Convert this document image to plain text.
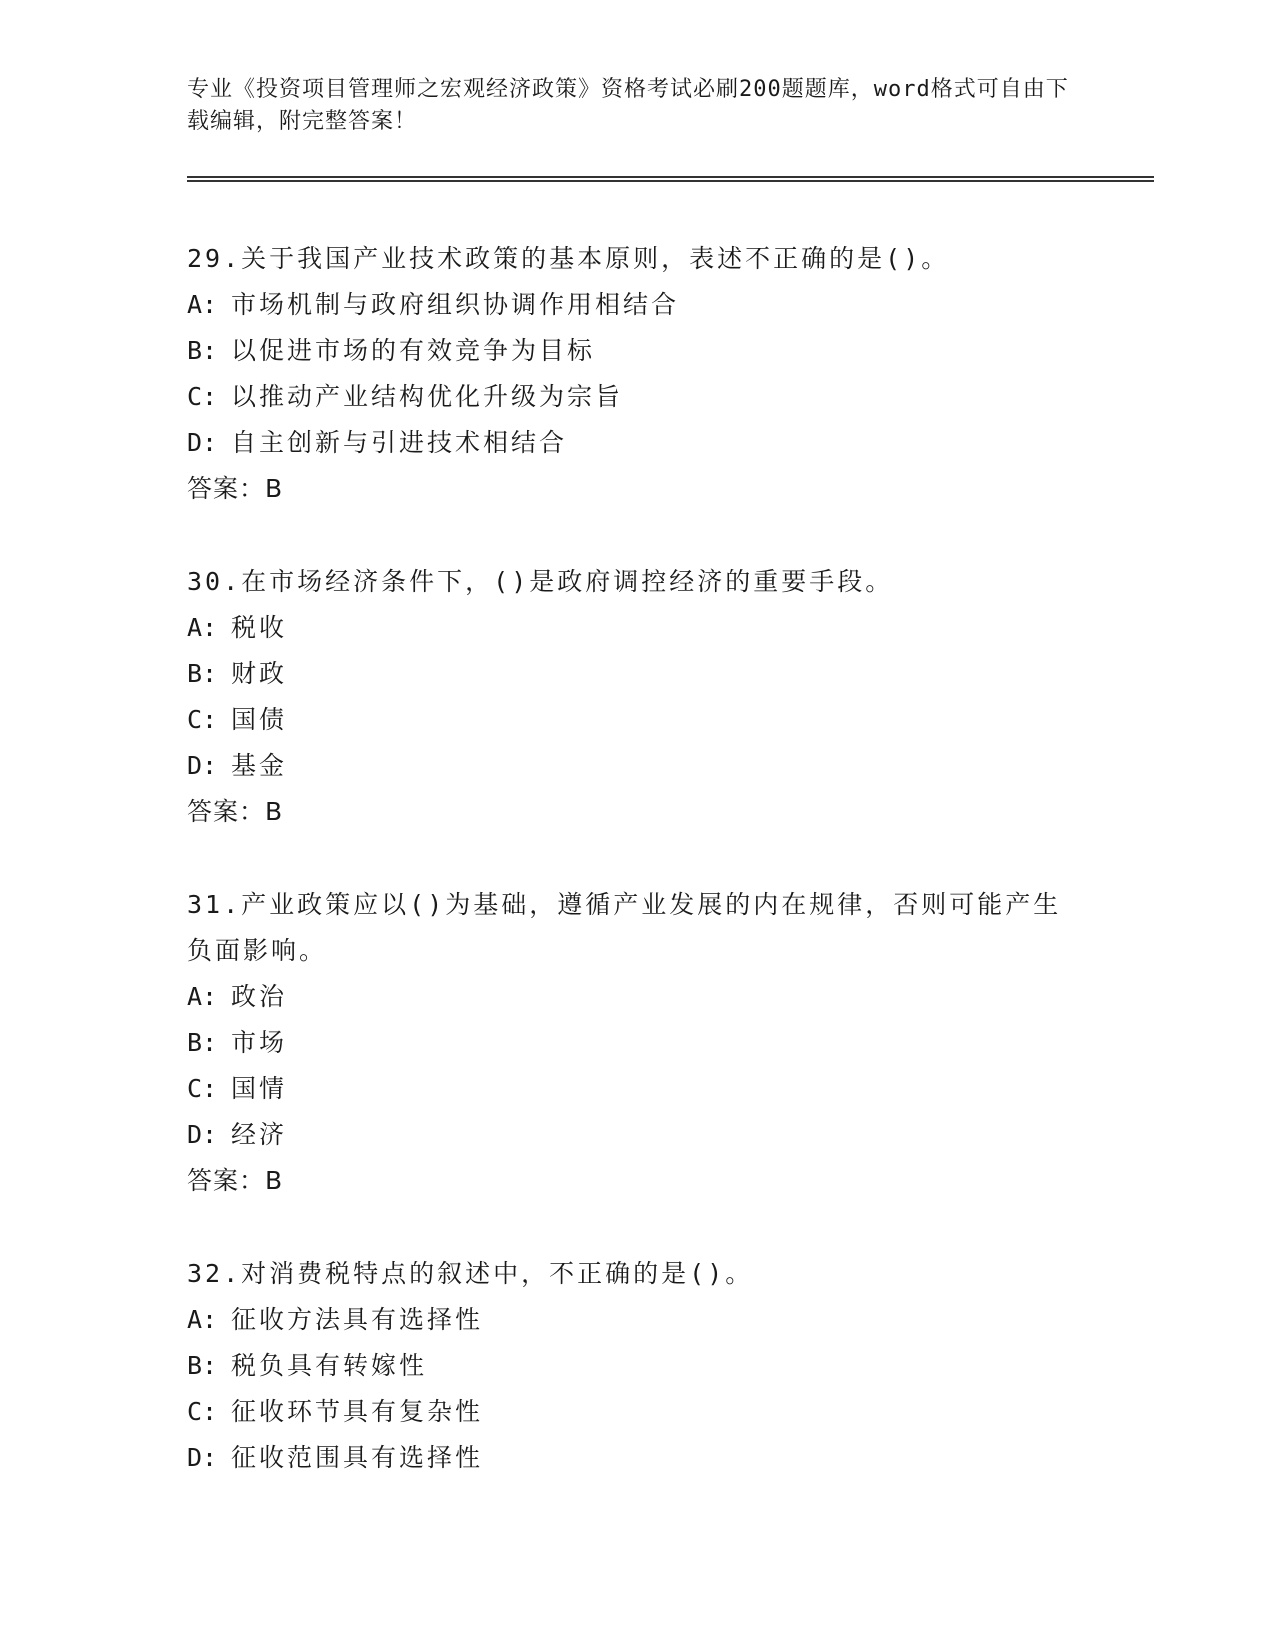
专业《投资项目管理师之宏观经济政策》资格考试必刷200题题库，word格式可自由下载编辑，附完整答案！
29.关于我国产业技术政策的基本原则，表述不正确的是()。
A: 市场机制与政府组织协调作用相结合
B: 以促进市场的有效竞争为目标
C: 以推动产业结构优化升级为宗旨
D: 自主创新与引进技术相结合
答案：B
30.在市场经济条件下，()是政府调控经济的重要手段。
A: 税收
B: 财政
C: 国债
D: 基金
答案：B
31.产业政策应以()为基础，遵循产业发展的内在规律，否则可能产生负面影响。
A: 政治
B: 市场
C: 国情
D: 经济
答案：B
32.对消费税特点的叙述中，不正确的是()。
A: 征收方法具有选择性
B: 税负具有转嫁性
C: 征收环节具有复杂性
D: 征收范围具有选择性
